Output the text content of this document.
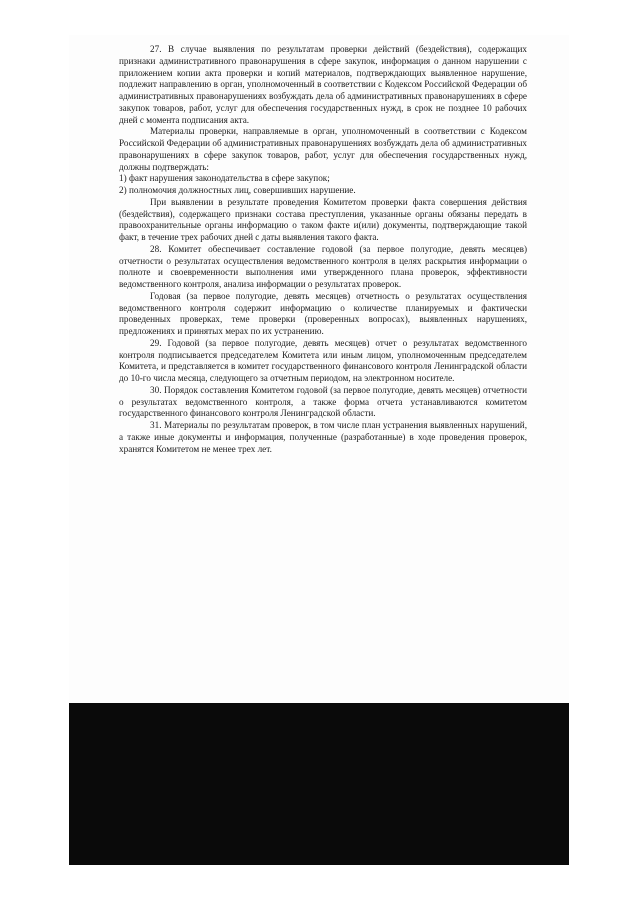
27. В случае выявления по результатам проверки действий (бездействия), содержащих признаки административного правонарушения в сфере закупок, информация о данном нарушении с приложением копии акта проверки и копий материалов, подтверждающих выявленное нарушение, подлежит направлению в орган, уполномоченный в соответствии с Кодексом Российской Федерации об административных правонарушениях возбуждать дела об административных правонарушениях в сфере закупок товаров, работ, услуг для обеспечения государственных нужд, в срок не позднее 10 рабочих дней с момента подписания акта.

Материалы проверки, направляемые в орган, уполномоченный в соответствии с Кодексом Российской Федерации об административных правонарушениях возбуждать дела об административных правонарушениях в сфере закупок товаров, работ, услуг для обеспечения государственных нужд, должны подтверждать:

1) факт нарушения законодательства в сфере закупок;

2) полномочия должностных лиц, совершивших нарушение.

При выявлении в результате проведения Комитетом проверки факта совершения действия (бездействия), содержащего признаки состава преступления, указанные органы обязаны передать в правоохранительные органы информацию о таком факте и(или) документы, подтверждающие такой факт, в течение трех рабочих дней с даты выявления такого факта.

28. Комитет обеспечивает составление годовой (за первое полугодие, девять месяцев) отчетности о результатах осуществления ведомственного контроля в целях раскрытия информации о полноте и своевременности выполнения ими утвержденного плана проверок, эффективности ведомственного контроля, анализа информации о результатах проверок.

Годовая (за первое полугодие, девять месяцев) отчетность о результатах осуществления ведомственного контроля содержит информацию о количестве планируемых и фактически проведенных проверках, теме проверки (проверенных вопросах), выявленных нарушениях, предложениях и принятых мерах по их устранению.

29. Годовой (за первое полугодие, девять месяцев) отчет о результатах ведомственного контроля подписывается председателем Комитета или иным лицом, уполномоченным председателем Комитета, и представляется в комитет государственного финансового контроля Ленинградской области до 10-го числа месяца, следующего за отчетным периодом, на электронном носителе.

30. Порядок составления Комитетом годовой (за первое полугодие, девять месяцев) отчетности о результатах ведомственного контроля, а также форма отчета устанавливаются комитетом государственного финансового контроля Ленинградской области.

31. Материалы по результатам проверок, в том числе план устранения выявленных нарушений, а также иные документы и информация, полученные (разработанные) в ходе проведения проверок, хранятся Комитетом не менее трех лет.
